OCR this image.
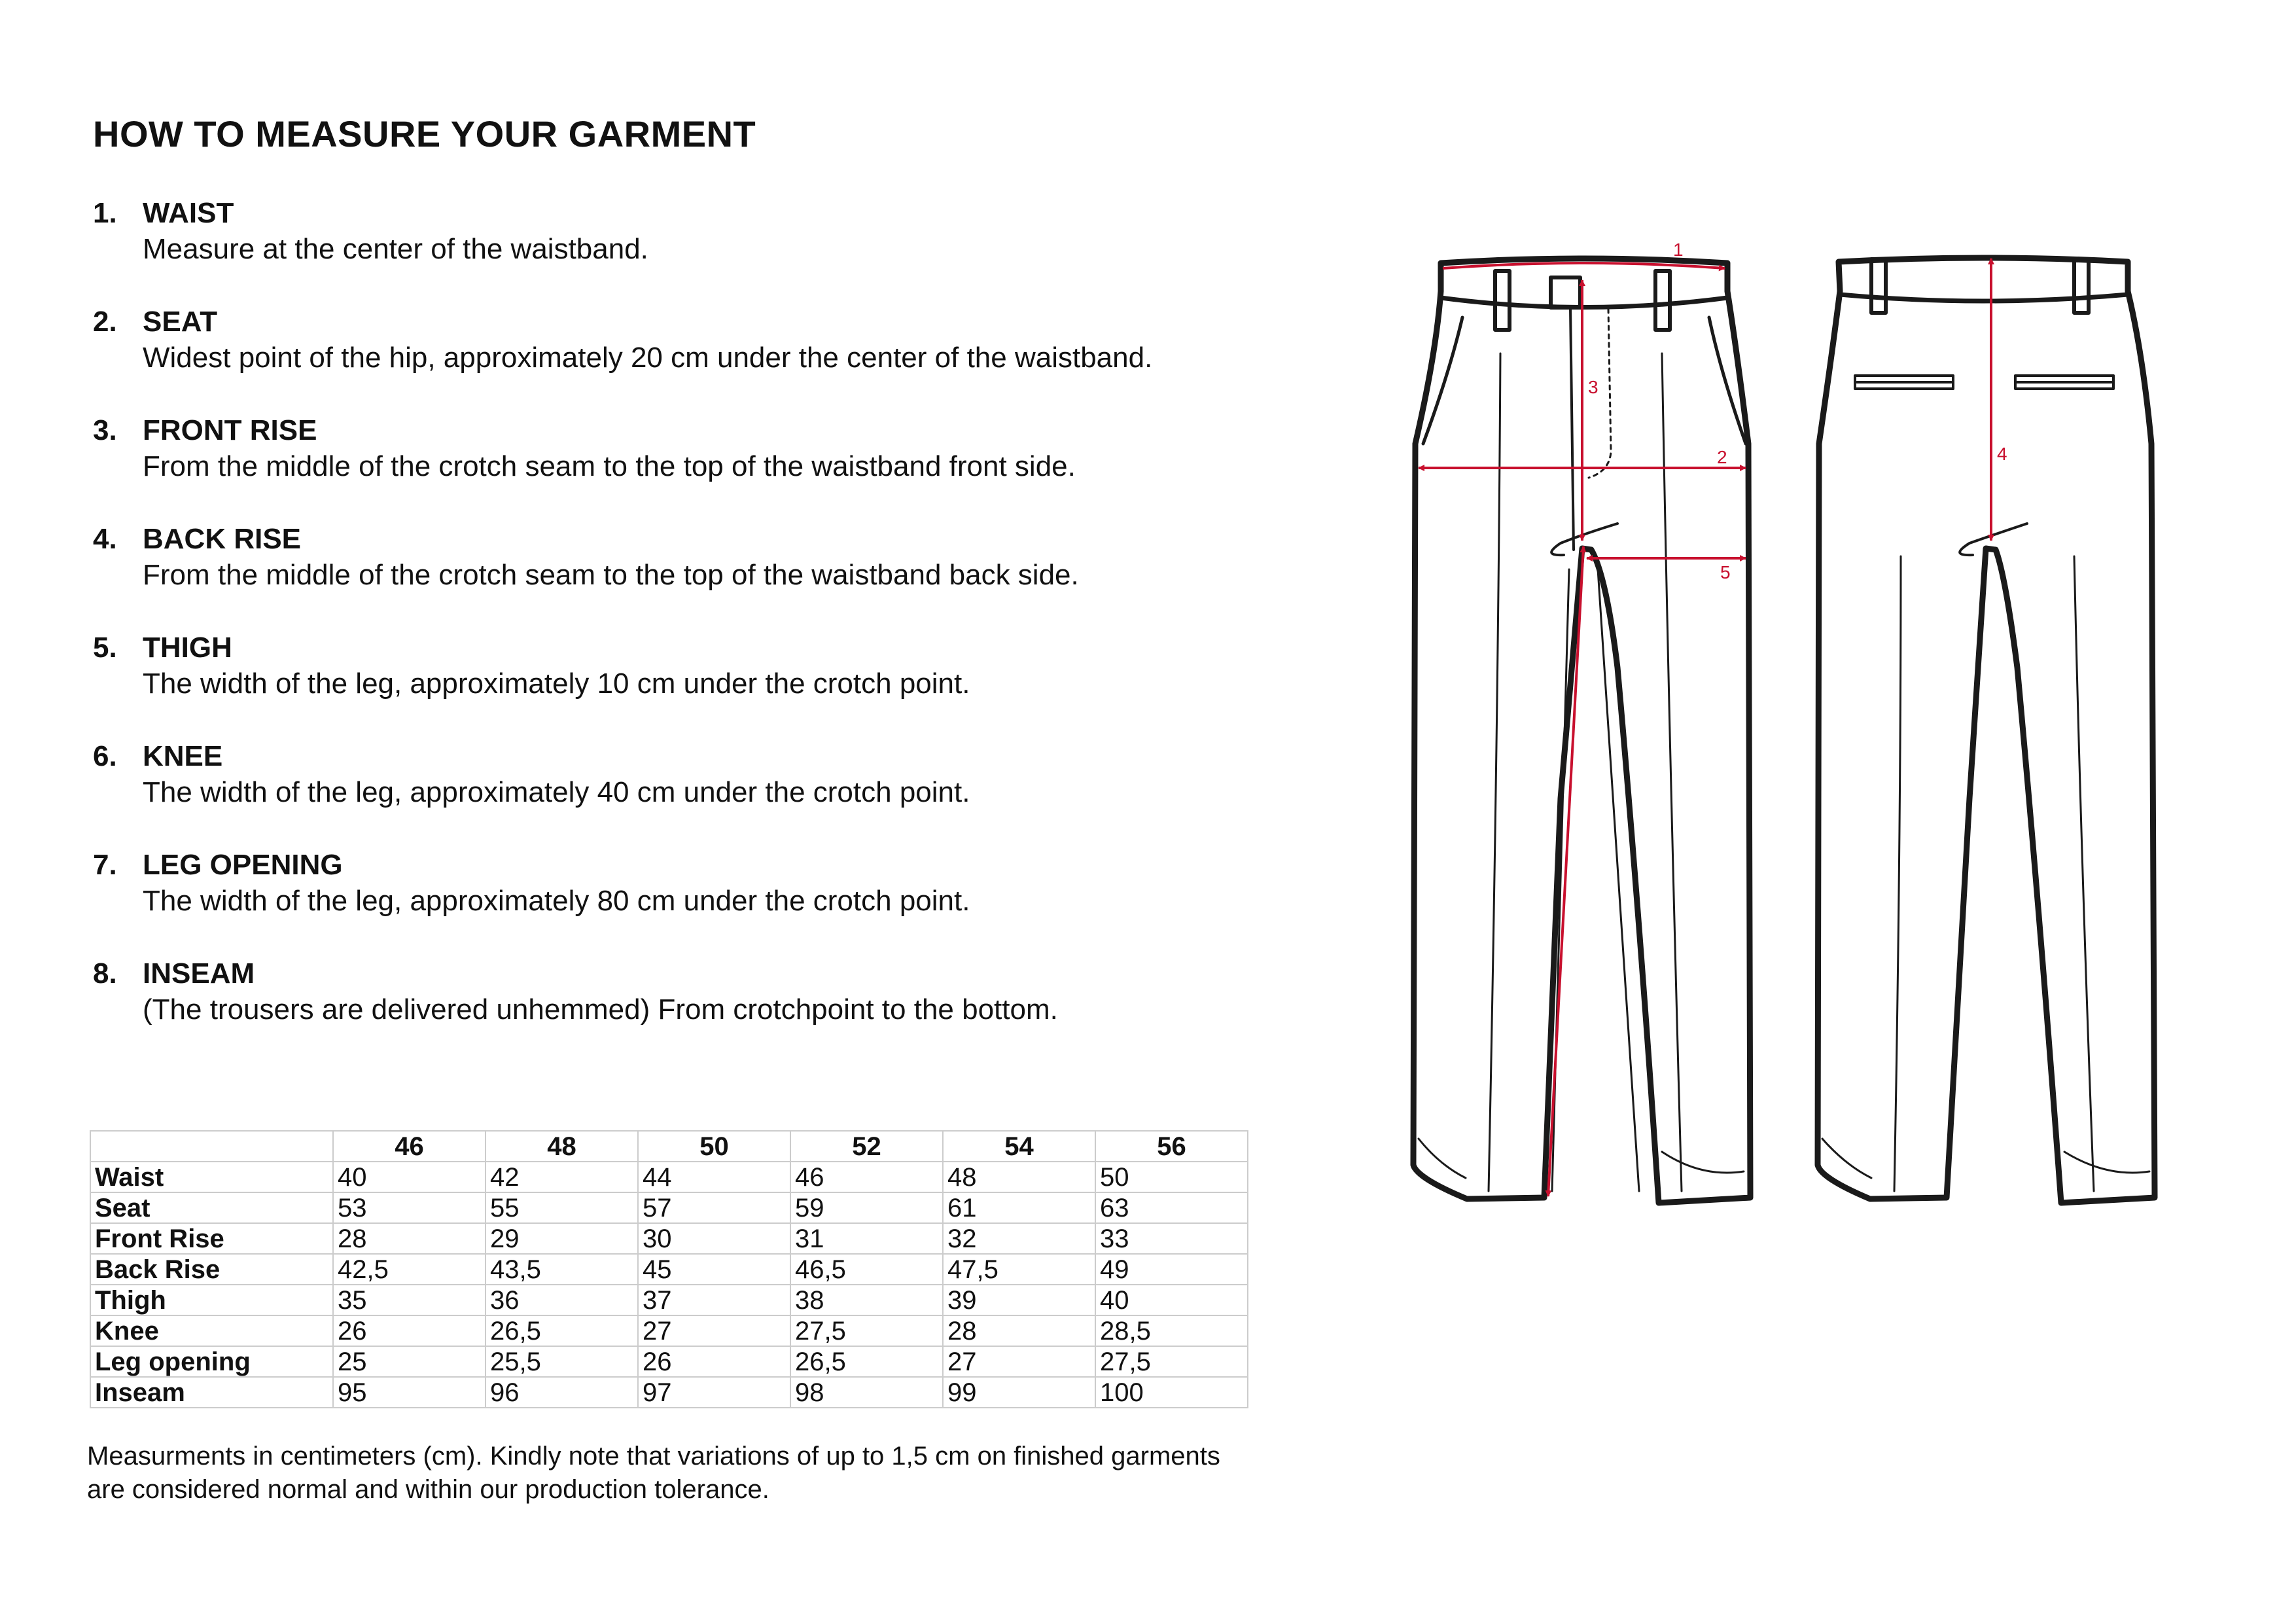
HOW TO MEASURE YOUR GARMENT
1. WAIST
Measure at the center of the waistband.
2. SEAT
Widest point of the hip, approximately 20 cm under the center of the waistband.
3. FRONT RISE
From the middle of the crotch seam to the top of the waistband front side.
4. BACK RISE
From the middle of the crotch seam to the top of the waistband back side.
5. THIGH
The width of the leg, approximately 10 cm under the crotch point.
6. KNEE
The width of the leg, approximately 40 cm under the crotch point.
7. LEG OPENING
The width of the leg, approximately 80 cm under the crotch point.
8. INSEAM
(The trousers are delivered unhemmed) From crotchpoint to the bottom.
	46	48	50	52	54	56
Waist	40	42	44	46	48	50
Seat	53	55	57	59	61	63
Front Rise	28	29	30	31	32	33
Back Rise	42,5	43,5	45	46,5	47,5	49
Thigh	35	36	37	38	39	40
Knee	26	26,5	27	27,5	28	28,5
Leg opening	25	25,5	26	26,5	27	27,5
Inseam	95	96	97	98	99	100

Measurments in centimeters (cm). Kindly note that variations of up to 1,5 cm on finished garments are considered normal and within our production tolerance.

1
2
3
4
5
